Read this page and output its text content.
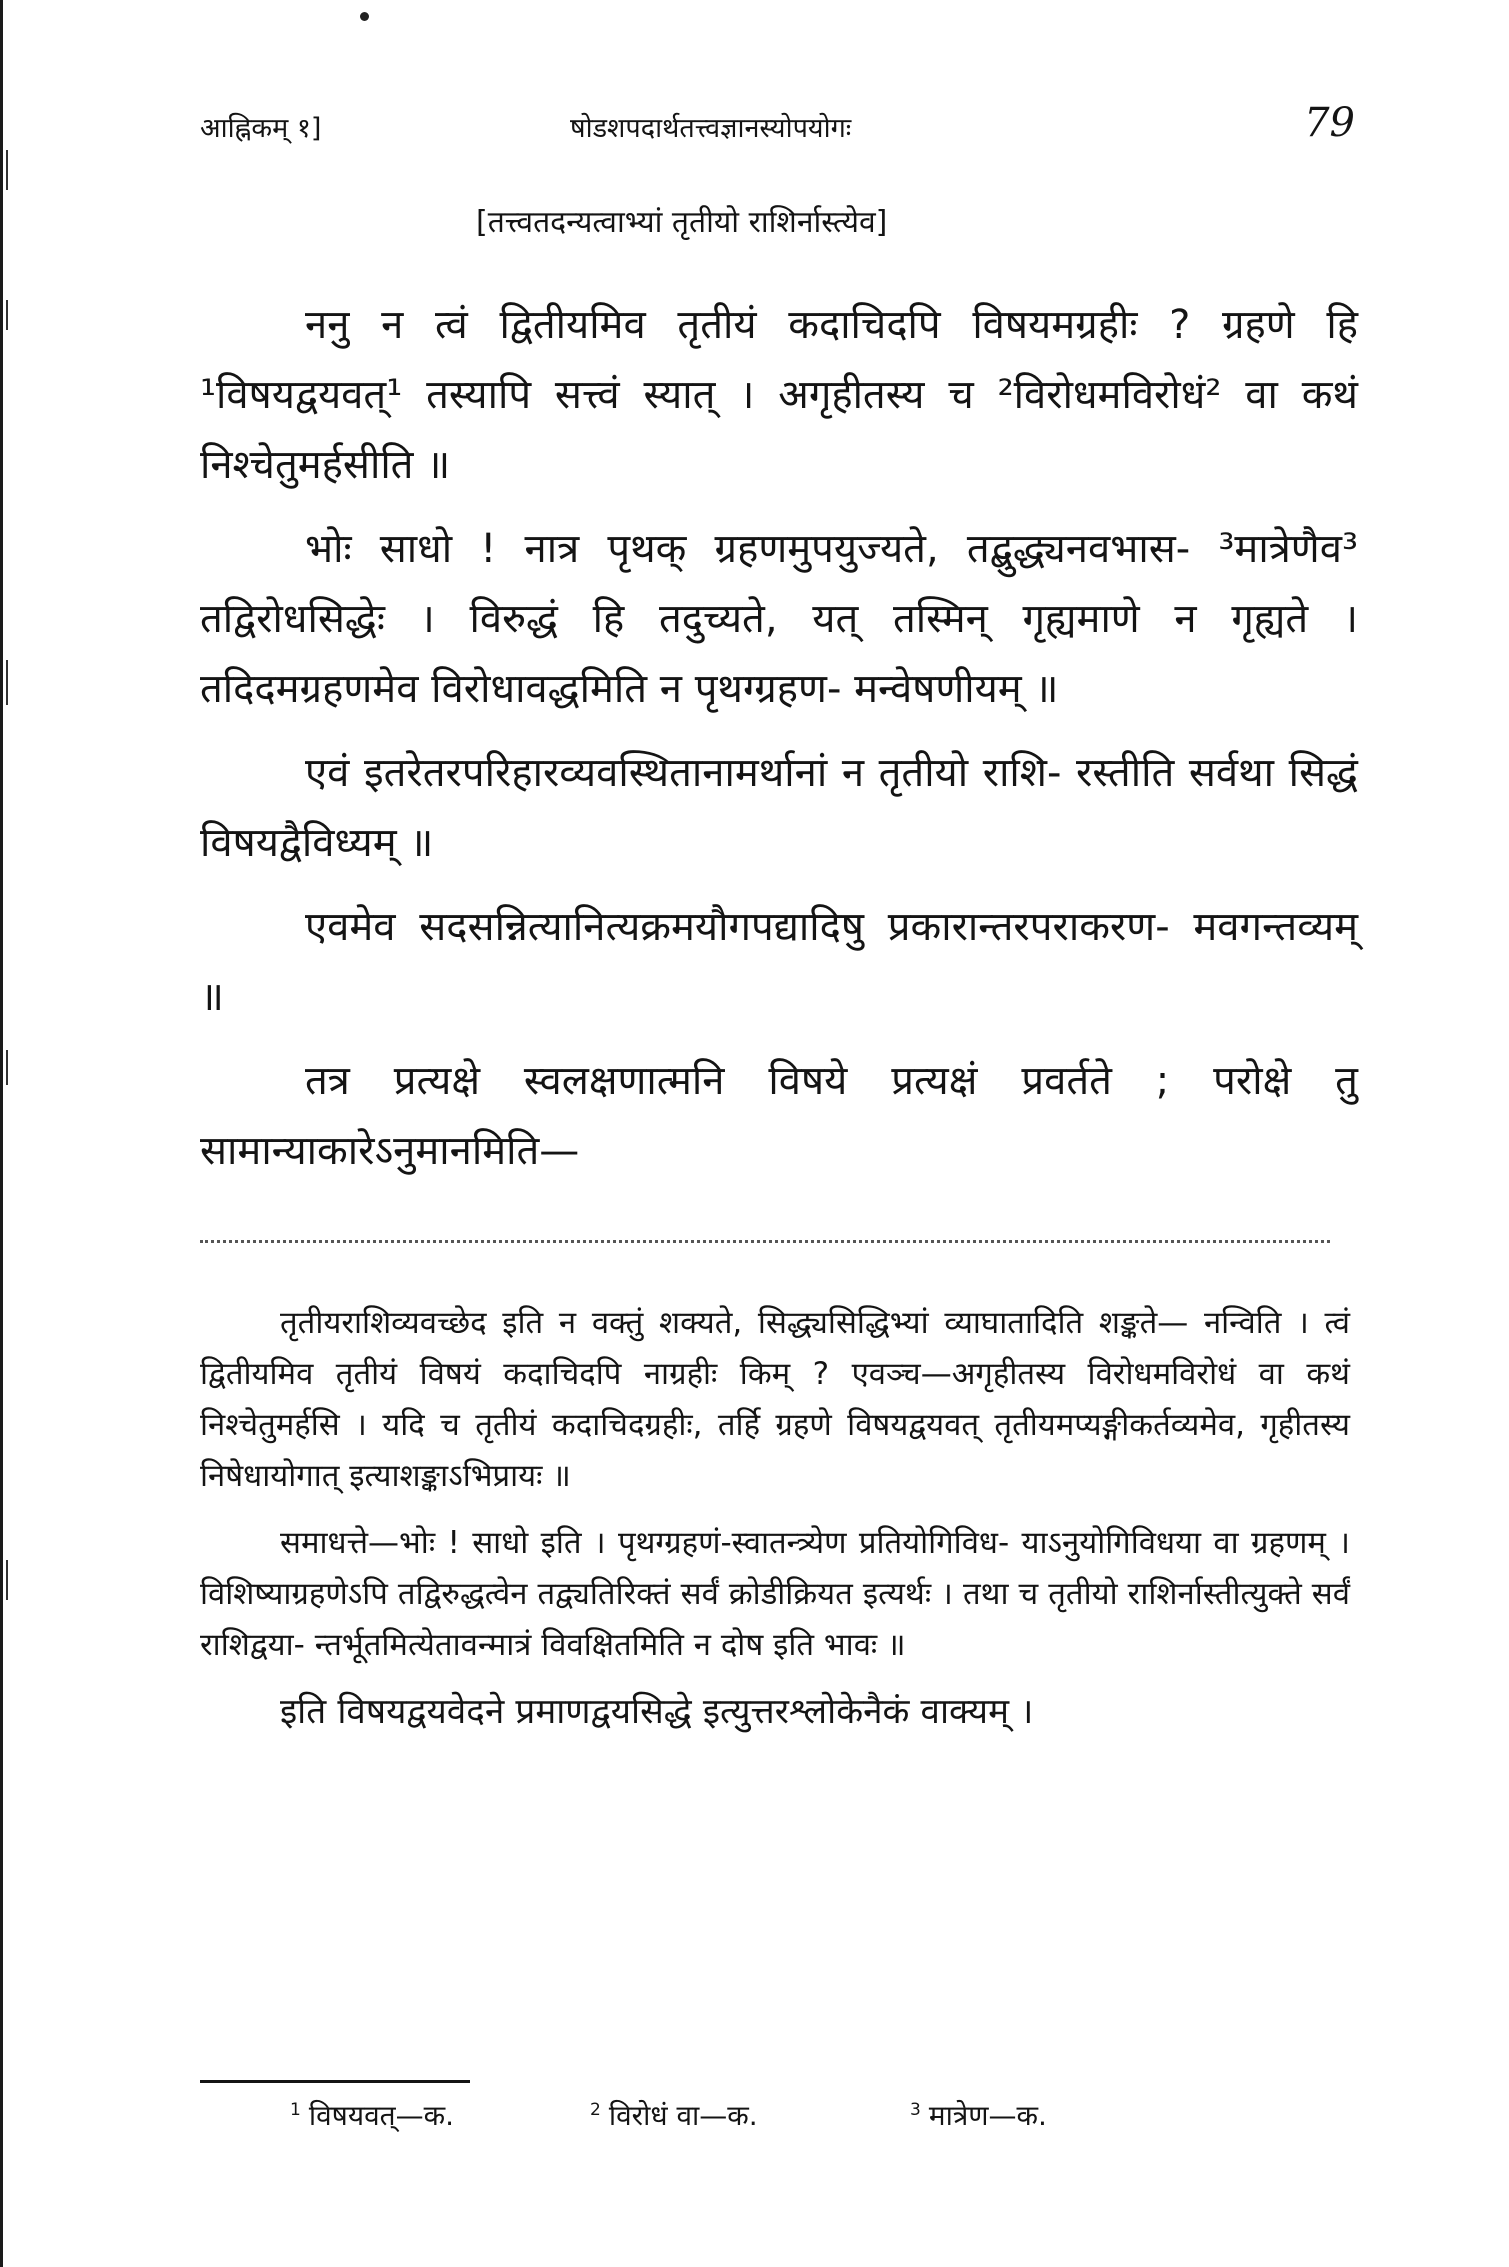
आह्निकम् १]	षोडशपदार्थतत्त्वज्ञानस्योपयोगः	79
[तत्त्वतदन्यत्वाभ्यां तृतीयो राशिर्नास्त्येव]

ननु न त्वं द्वितीयमिव तृतीयं कदाचिदपि विषयमग्रहीः ? ग्रहणे हि ¹विषयद्वयवत्¹ तस्यापि सत्त्वं स्यात् । अगृहीतस्य च ²विरोधमविरोधं² वा कथं निश्चेतुमर्हसीति ॥

भोः साधो ! नात्र पृथक् ग्रहणमुपयुज्यते, तद्बुद्ध्यनवभास- ³मात्रेणैव³ तद्विरोधसिद्धेः । विरुद्धं हि तदुच्यते, यत् तस्मिन् गृह्यमाणे न गृह्यते । तदिदमग्रहणमेव विरोधावद्धमिति न पृथग्ग्रहण- मन्वेषणीयम् ॥

एवं इतरेतरपरिहारव्यवस्थितानामर्थानां न तृतीयो राशि- रस्तीति सर्वथा सिद्धं विषयद्वैविध्यम् ॥

एवमेव सदसन्नित्यानित्यक्रमयौगपद्यादिषु प्रकारान्तरपराकरण- मवगन्तव्यम् ॥

तत्र प्रत्यक्षे स्वलक्षणात्मनि विषये प्रत्यक्षं प्रवर्तते ; परोक्षे तु सामान्याकारेऽनुमानमिति—

तृतीयराशिव्यवच्छेद इति न वक्तुं शक्यते, सिद्ध्यसिद्धिभ्यां व्याघातादिति शङ्कते— नन्विति । त्वं द्वितीयमिव तृतीयं विषयं कदाचिदपि नाग्रहीः किम् ? एवञ्च—अगृहीतस्य विरोधमविरोधं वा कथं निश्चेतुमर्हसि । यदि च तृतीयं कदाचिदग्रहीः, तर्हि ग्रहणे विषयद्वयवत् तृतीयमप्यङ्गीकर्तव्यमेव, गृहीतस्य निषेधायोगात् इत्याशङ्काऽभिप्रायः ॥

समाधत्ते—भोः ! साधो इति । पृथग्ग्रहणं-स्वातन्त्र्येण प्रतियोगिविध- याऽनुयोगिविधया वा ग्रहणम् । विशिष्याग्रहणेऽपि तद्विरुद्धत्वेन तद्व्यतिरिक्तं सर्वं क्रोडीक्रियत इत्यर्थः । तथा च तृतीयो राशिर्नास्तीत्युक्ते सर्वं राशिद्वया- न्तर्भूतमित्येतावन्मात्रं विवक्षितमिति न दोष इति भावः ॥

इति विषयद्वयवेदने प्रमाणद्वयसिद्धे इत्युत्तरश्लोकेनैकं वाक्यम् ।

$^1$ विषयवत्—क.	$^2$ विरोधं वा—क.	$^3$ मात्रेण—क.
